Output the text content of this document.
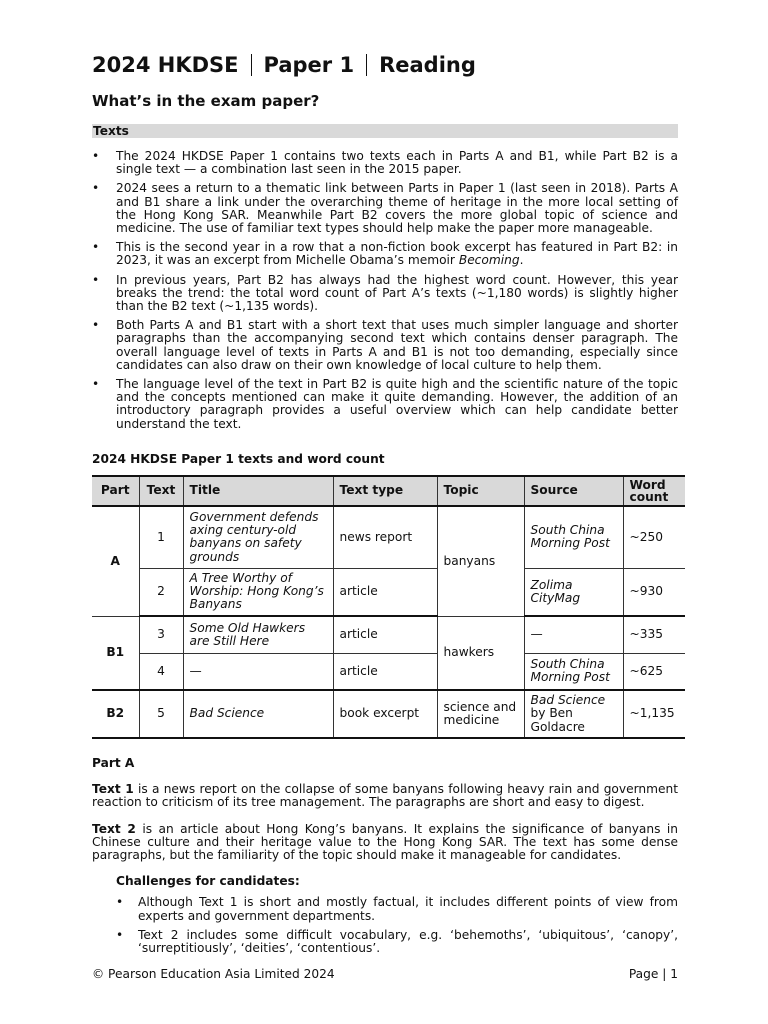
2024 HKDSE Paper 1 Reading
What’s in the exam paper?
Texts
• The 2024 HKDSE Paper 1 contains two texts each in Parts A and B1, while Part B2 is a single text — a combination last seen in the 2015 paper.
• 2024 sees a return to a thematic link between Parts in Paper 1 (last seen in 2018). Parts A and B1 share a link under the overarching theme of heritage in the more local setting of the Hong Kong SAR. Meanwhile Part B2 covers the more global topic of science and medicine. The use of familiar text types should help make the paper more manageable.
• This is the second year in a row that a non-fiction book excerpt has featured in Part B2: in 2023, it was an excerpt from Michelle Obama’s memoir Becoming.
• In previous years, Part B2 has always had the highest word count. However, this year breaks the trend: the total word count of Part A’s texts (~1,180 words) is slightly higher than the B2 text (~1,135 words).
• Both Parts A and B1 start with a short text that uses much simpler language and shorter paragraphs than the accompanying second text which contains denser paragraph. The overall language level of texts in Parts A and B1 is not too demanding, especially since candidates can also draw on their own knowledge of local culture to help them.
• The language level of the text in Part B2 is quite high and the scientific nature of the topic and the concepts mentioned can make it quite demanding. However, the addition of an introductory paragraph provides a useful overview which can help candidate better understand the text.
2024 HKDSE Paper 1 texts and word count
Part	Text	Title	Text type	Topic	Source	Word count
A	1	Government defends axing century-old banyans on safety grounds	news report	banyans	South China Morning Post	~250
	2	A Tree Worthy of Worship: Hong Kong’s Banyans	article		Zolima CityMag	~930
B1	3	Some Old Hawkers are Still Here	article	hawkers	—	~335
	4	—	article		South China Morning Post	~625
B2	5	Bad Science	book excerpt	science and medicine	Bad Science by Ben Goldacre	~1,135
Part A
Text 1 is a news report on the collapse of some banyans following heavy rain and government reaction to criticism of its tree management. The paragraphs are short and easy to digest.
Text 2 is an article about Hong Kong’s banyans. It explains the significance of banyans in Chinese culture and their heritage value to the Hong Kong SAR. The text has some dense paragraphs, but the familiarity of the topic should make it manageable for candidates.
Challenges for candidates:
• Although Text 1 is short and mostly factual, it includes different points of view from experts and government departments.
• Text 2 includes some difficult vocabulary, e.g. ‘behemoths’, ‘ubiquitous’, ‘canopy’, ‘surreptitiously’, ‘deities’, ‘contentious’.
© Pearson Education Asia Limited 2024	Page | 1
